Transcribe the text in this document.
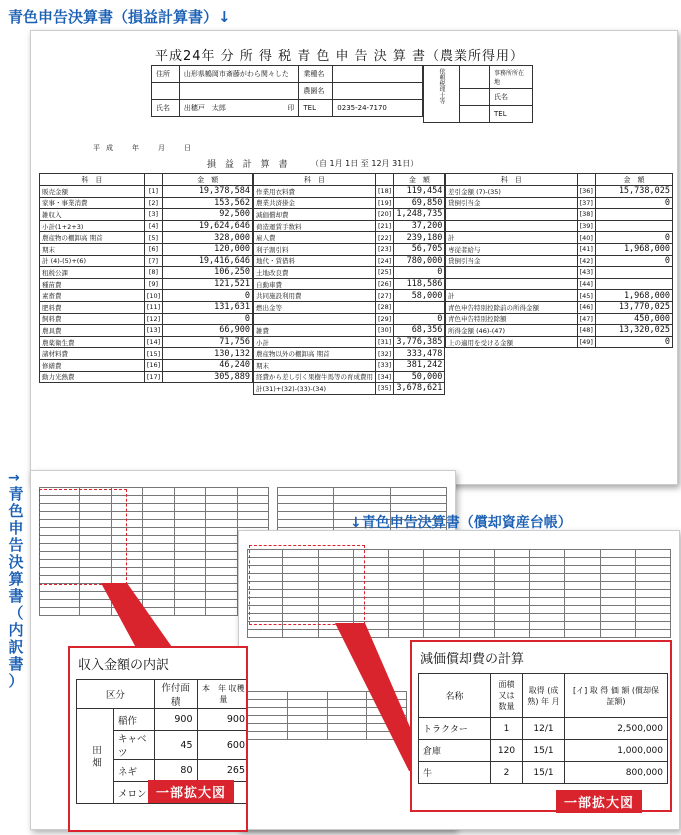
青色申告決算書（損益計算書）↓
→
青
色
申
告
決
算
書
（
内
訳
書
）
平成24年 分 所 得 税 青 色 申 告 決 算 書（農業所得用）
住所	山形県鶴岡市斎藤がわら関々した	業種名	
		農園名	
氏名	出穂戸　太郎 印	TEL	0235-24-7170
依頼税理士等		事務所所在地
		氏名
		TEL
平成　年　月　日
損 益 計 算 書	（自 1月 1日 至 12月 31日）
科　目		金　額
販売金額	[1]	19,378,584
家事・事業消費	[2]	153,562
雑収入	[3]	92,500
小計(1+2+3)	[4]	19,624,646
農産物の棚卸高 期首	[5]	328,000
期末	[6]	120,000
計 (4)-(5)+(6)	[7]	19,416,646
租税公課	[8]	106,250
種苗費	[9]	121,521
素畜費	[10]	0
肥料費	[11]	131,631
飼料費	[12]	0
農具費	[13]	66,900
農薬衛生費	[14]	71,756
諸材料費	[15]	130,132
修繕費	[16]	46,240
動力光熱費	[17]	305,889
科　目		金　額
作業用衣料費	[18]	119,454
農業共済掛金	[19]	69,850
減価償却費	[20]	1,248,735
荷造運賃手数料	[21]	37,200
雇人費	[22]	239,180
利子割引料	[23]	56,705
地代・賃借料	[24]	780,000
土地改良費	[25]	0
自動車費	[26]	118,586
共同施設利用費	[27]	58,000
燃出金等	[28]	
	[29]	0
雑費	[30]	68,356
小計	[31]	3,776,385
農産物以外の棚卸高 期首	[32]	333,478
期末	[33]	381,242
経費から差し引く果樹牛馬等の育成費用	[34]	50,000
計(31)+(32)-(33)-(34)	[35]	3,678,621
科　目		金　額
差引金額 (7)-(35)	[36]	15,738,025
貸倒引当金	[37]	0
	[38]	
	[39]	
計	[40]	0
専従者給与	[41]	1,968,000
貸倒引当金	[42]	0
	[43]	
	[44]	
計	[45]	1,968,000
青色申告特別控除前の所得金額	[46]	13,770,025
青色申告特別控除額	[47]	450,000
所得金額 (46)-(47)	[48]	13,320,025
上の適用を受ける金額	[49]	0

収入金額の内訳
区分		作付面積	本　年 収穫量
田 畑	稲作	900	900
	キャベツ	45	600
	ネギ	80	265
	メロン		一部拡大図
減価償却費の計算
名称	面積 又は 数量	取得 (成熟) 年 月	[イ] 取 得 価 額 (償却保証額)
トラクター	1	12/1	2,500,000
倉庫	120	15/1	1,000,000
牛	2	15/1	800,000
一部拡大図
↓青色申告決算書（償却資産台帳）
